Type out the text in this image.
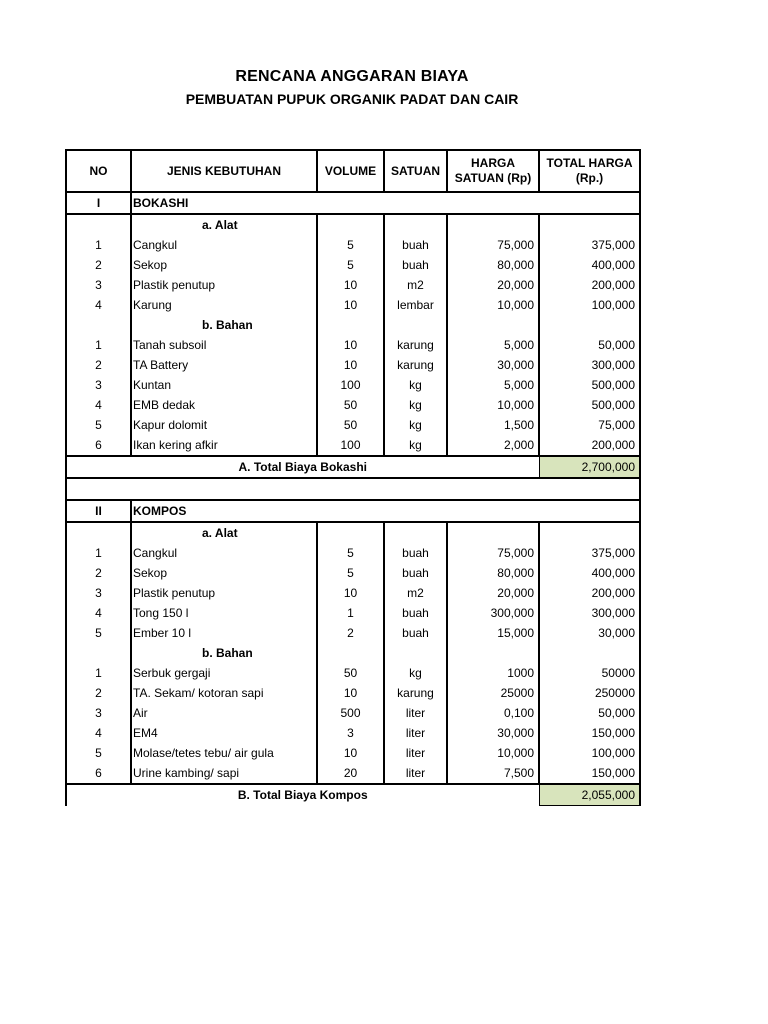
RENCANA ANGGARAN BIAYA
PEMBUATAN PUPUK ORGANIK PADAT DAN CAIR
NO	JENIS KEBUTUHAN	VOLUME	SATUAN	HARGA SATUAN (Rp)	TOTAL HARGA (Rp.)
I	BOKASHI				
	a. Alat				
1	Cangkul	5	buah	75,000	375,000
2	Sekop	5	buah	80,000	400,000
3	Plastik penutup	10	m2	20,000	200,000
4	Karung	10	lembar	10,000	100,000
	b. Bahan				
1	Tanah subsoil	10	karung	5,000	50,000
2	TA Battery	10	karung	30,000	300,000
3	Kuntan	100	kg	5,000	500,000
4	EMB dedak	50	kg	10,000	500,000
5	Kapur dolomit	50	kg	1,500	75,000
6	Ikan kering afkir	100	kg	2,000	200,000
A. Total Biaya Bokashi					2,700,000

II	KOMPOS				
	a. Alat				
1	Cangkul	5	buah	75,000	375,000
2	Sekop	5	buah	80,000	400,000
3	Plastik penutup	10	m2	20,000	200,000
4	Tong 150 l	1	buah	300,000	300,000
5	Ember 10 l	2	buah	15,000	30,000
	b. Bahan				
1	Serbuk gergaji	50	kg	1000	50000
2	TA. Sekam/ kotoran sapi	10	karung	25000	250000
3	Air	500	liter	0,100	50,000
4	EM4	3	liter	30,000	150,000
5	Molase/tetes tebu/ air gula	10	liter	10,000	100,000
6	Urine kambing/ sapi	20	liter	7,500	150,000
B. Total Biaya Kompos					2,055,000
